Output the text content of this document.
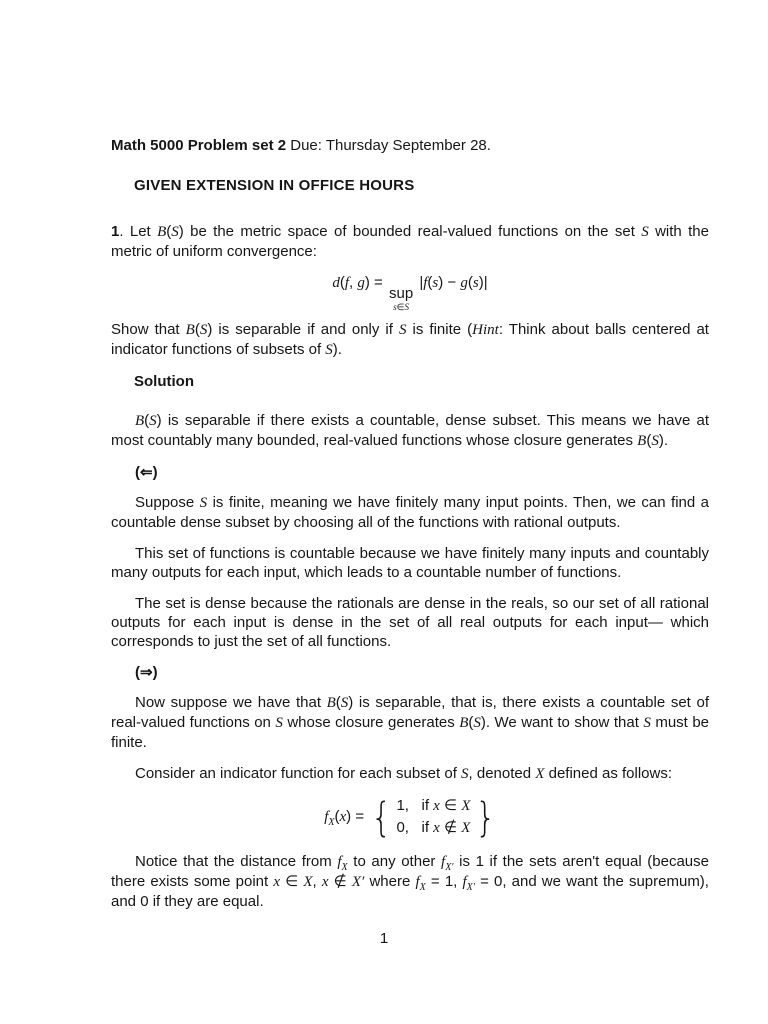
Math 5000 Problem set 2 Due: Thursday September 28.

GIVEN EXTENSION IN OFFICE HOURS

1. Let B(S) be the metric space of bounded real-valued functions on the set S with the metric of uniform convergence:

d(f, g) =
sup
s∈S
|f(s) − g(s)|

Show that B(S) is separable if and only if S is finite (Hint: Think about balls centered at indicator functions of subsets of S).

Solution

B(S) is separable if there exists a countable, dense subset. This means we have at most countably many bounded, real-valued functions whose closure generates B(S).

(⇐)

Suppose S is finite, meaning we have finitely many input points. Then, we can find a countable dense subset by choosing all of the functions with rational outputs.

This set of functions is countable because we have finitely many inputs and countably many outputs for each input, which leads to a countable number of functions.

The set is dense because the rationals are dense in the reals, so our set of all rational outputs for each input is dense in the set of all real outputs for each input— which corresponds to just the set of all functions.

(⇒)

Now suppose we have that B(S) is separable, that is, there exists a countable set of real-valued functions on S whose closure generates B(S). We want to show that S must be finite.

Consider an indicator function for each subset of S, denoted X defined as follows:

$f_X(x)$ = { 1,   if x ∈ X
0,   if x ∉ X }

Notice that the distance from $f_X$ to any other $f_{X'}$ is 1 if the sets aren't equal (because there exists some point x ∈ X, x ∉ X′ where $f_X = 1$, $f_{X'} = 0$, and we want the supremum), and 0 if they are equal.

1
